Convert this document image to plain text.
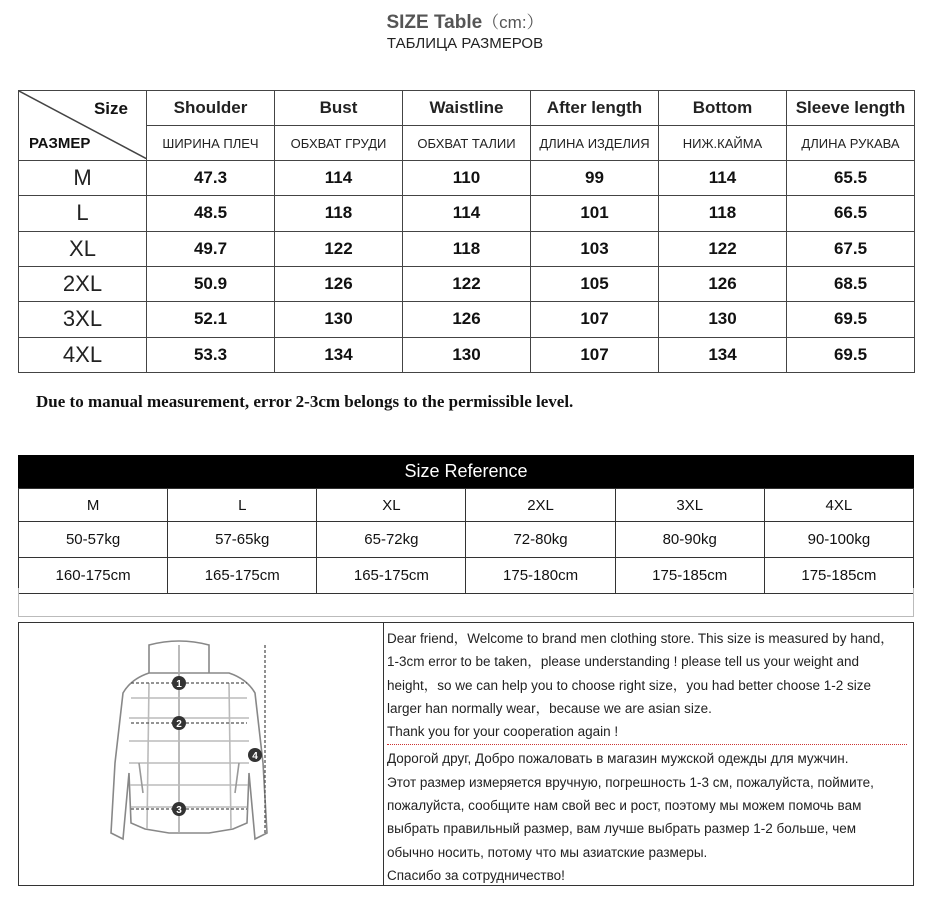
SIZE Table（cm:）
ТАБЛИЦА РАЗМЕРОВ
Size
РАЗМЕР	Shoulder	Bust	Waistline	After length	Bottom	Sleeve length
	ШИРИНА ПЛЕЧ	ОБХВАТ ГРУДИ	ОБХВАТ ТАЛИИ	ДЛИНА ИЗДЕЛИЯ	НИЖ.КАЙМА	ДЛИНА РУКАВА
M	47.3	114	110	99	114	65.5
L	48.5	118	114	101	118	66.5
XL	49.7	122	118	103	122	67.5
2XL	50.9	126	122	105	126	68.5
3XL	52.1	130	126	107	130	69.5
4XL	53.3	134	130	107	134	69.5
Due to manual measurement, error 2-3cm belongs to the permissible level.
Size Reference
M	L	XL	2XL	3XL	4XL
50-57kg	57-65kg	65-72kg	72-80kg	80-90kg	90-100kg
160-175cm	165-175cm	165-175cm	175-180cm	175-185cm	175-185cm
1
2
3
4

Dear friend，Welcome to brand men clothing store. This size is measured by hand，

1-3cm error to be taken，please understanding ! please tell us your weight and

height，so we can help you to choose right size，you had better choose 1-2 size

larger han normally wear，because we are asian size.

Thank you for your cooperation again !

Дорогой друг, Добро пожаловать в магазин мужской одежды для мужчин.

Этот размер измеряется вручную, погрешность 1-3 см, пожалуйста, поймите,

пожалуйста, сообщите нам свой вес и рост, поэтому мы можем помочь вам

выбрать правильный размер, вам лучше выбрать размер 1-2 больше, чем

обычно носить, потому что мы азиатские размеры.

Спасибо за сотрудничество!
